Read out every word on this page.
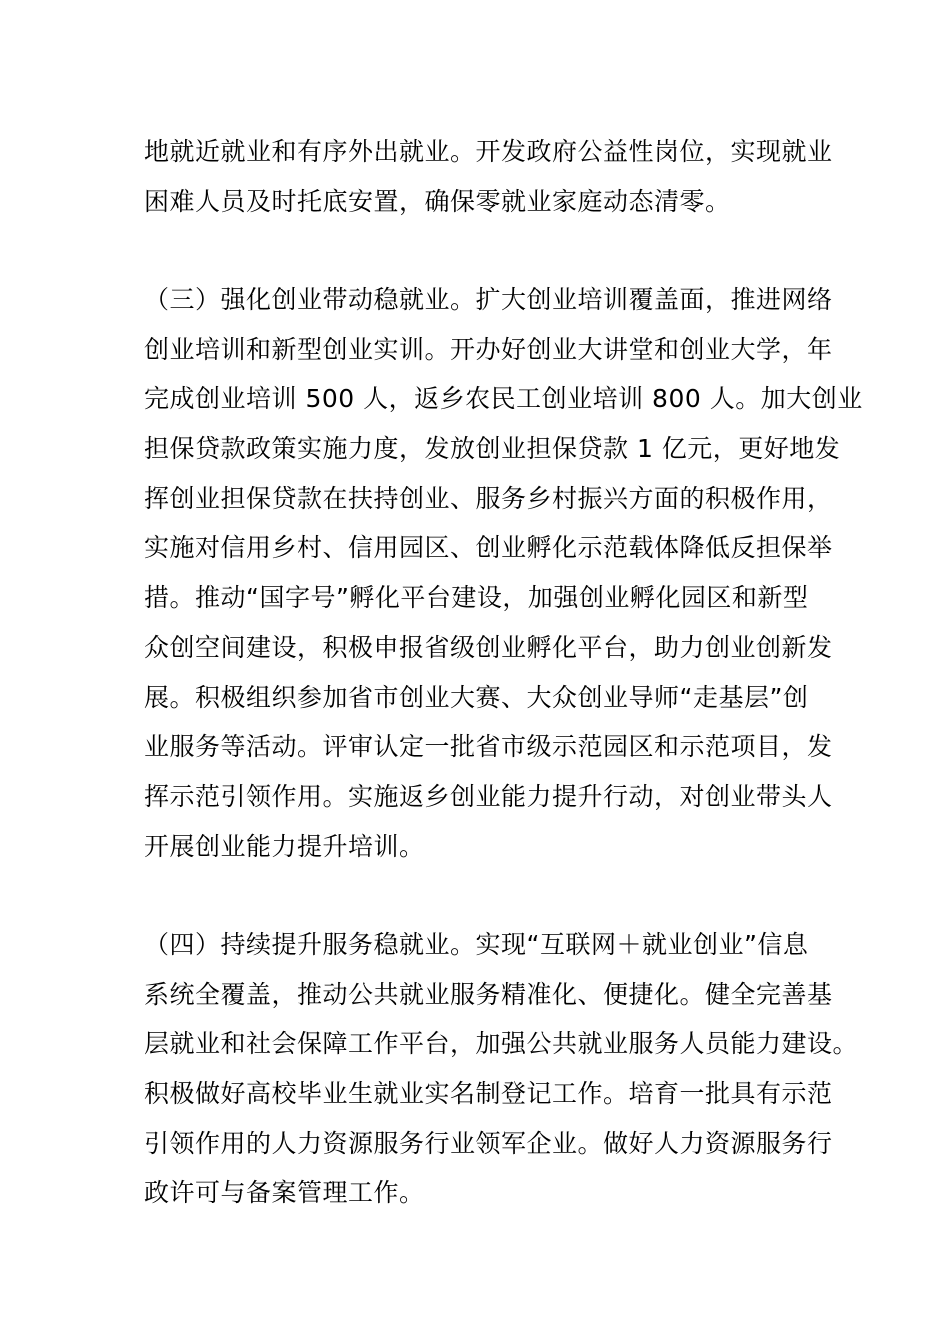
地就近就业和有序外出就业。开发政府公益性岗位，实现就业
困难人员及时托底安置，确保零就业家庭动态清零。
（三）强化创业带动稳就业。扩大创业培训覆盖面，推进网络
创业培训和新型创业实训。开办好创业大讲堂和创业大学，年
完成创业培训 500 人，返乡农民工创业培训 800 人。加大创业
担保贷款政策实施力度，发放创业担保贷款 1 亿元，更好地发
挥创业担保贷款在扶持创业、服务乡村振兴方面的积极作用，
实施对信用乡村、信用园区、创业孵化示范载体降低反担保举
措。推动“国字号”孵化平台建设，加强创业孵化园区和新型
众创空间建设，积极申报省级创业孵化平台，助力创业创新发
展。积极组织参加省市创业大赛、大众创业导师“走基层”创
业服务等活动。评审认定一批省市级示范园区和示范项目，发
挥示范引领作用。实施返乡创业能力提升行动，对创业带头人
开展创业能力提升培训。
（四）持续提升服务稳就业。实现“互联网＋就业创业”信息
系统全覆盖，推动公共就业服务精准化、便捷化。健全完善基
层就业和社会保障工作平台，加强公共就业服务人员能力建设。
积极做好高校毕业生就业实名制登记工作。培育一批具有示范
引领作用的人力资源服务行业领军企业。做好人力资源服务行
政许可与备案管理工作。
